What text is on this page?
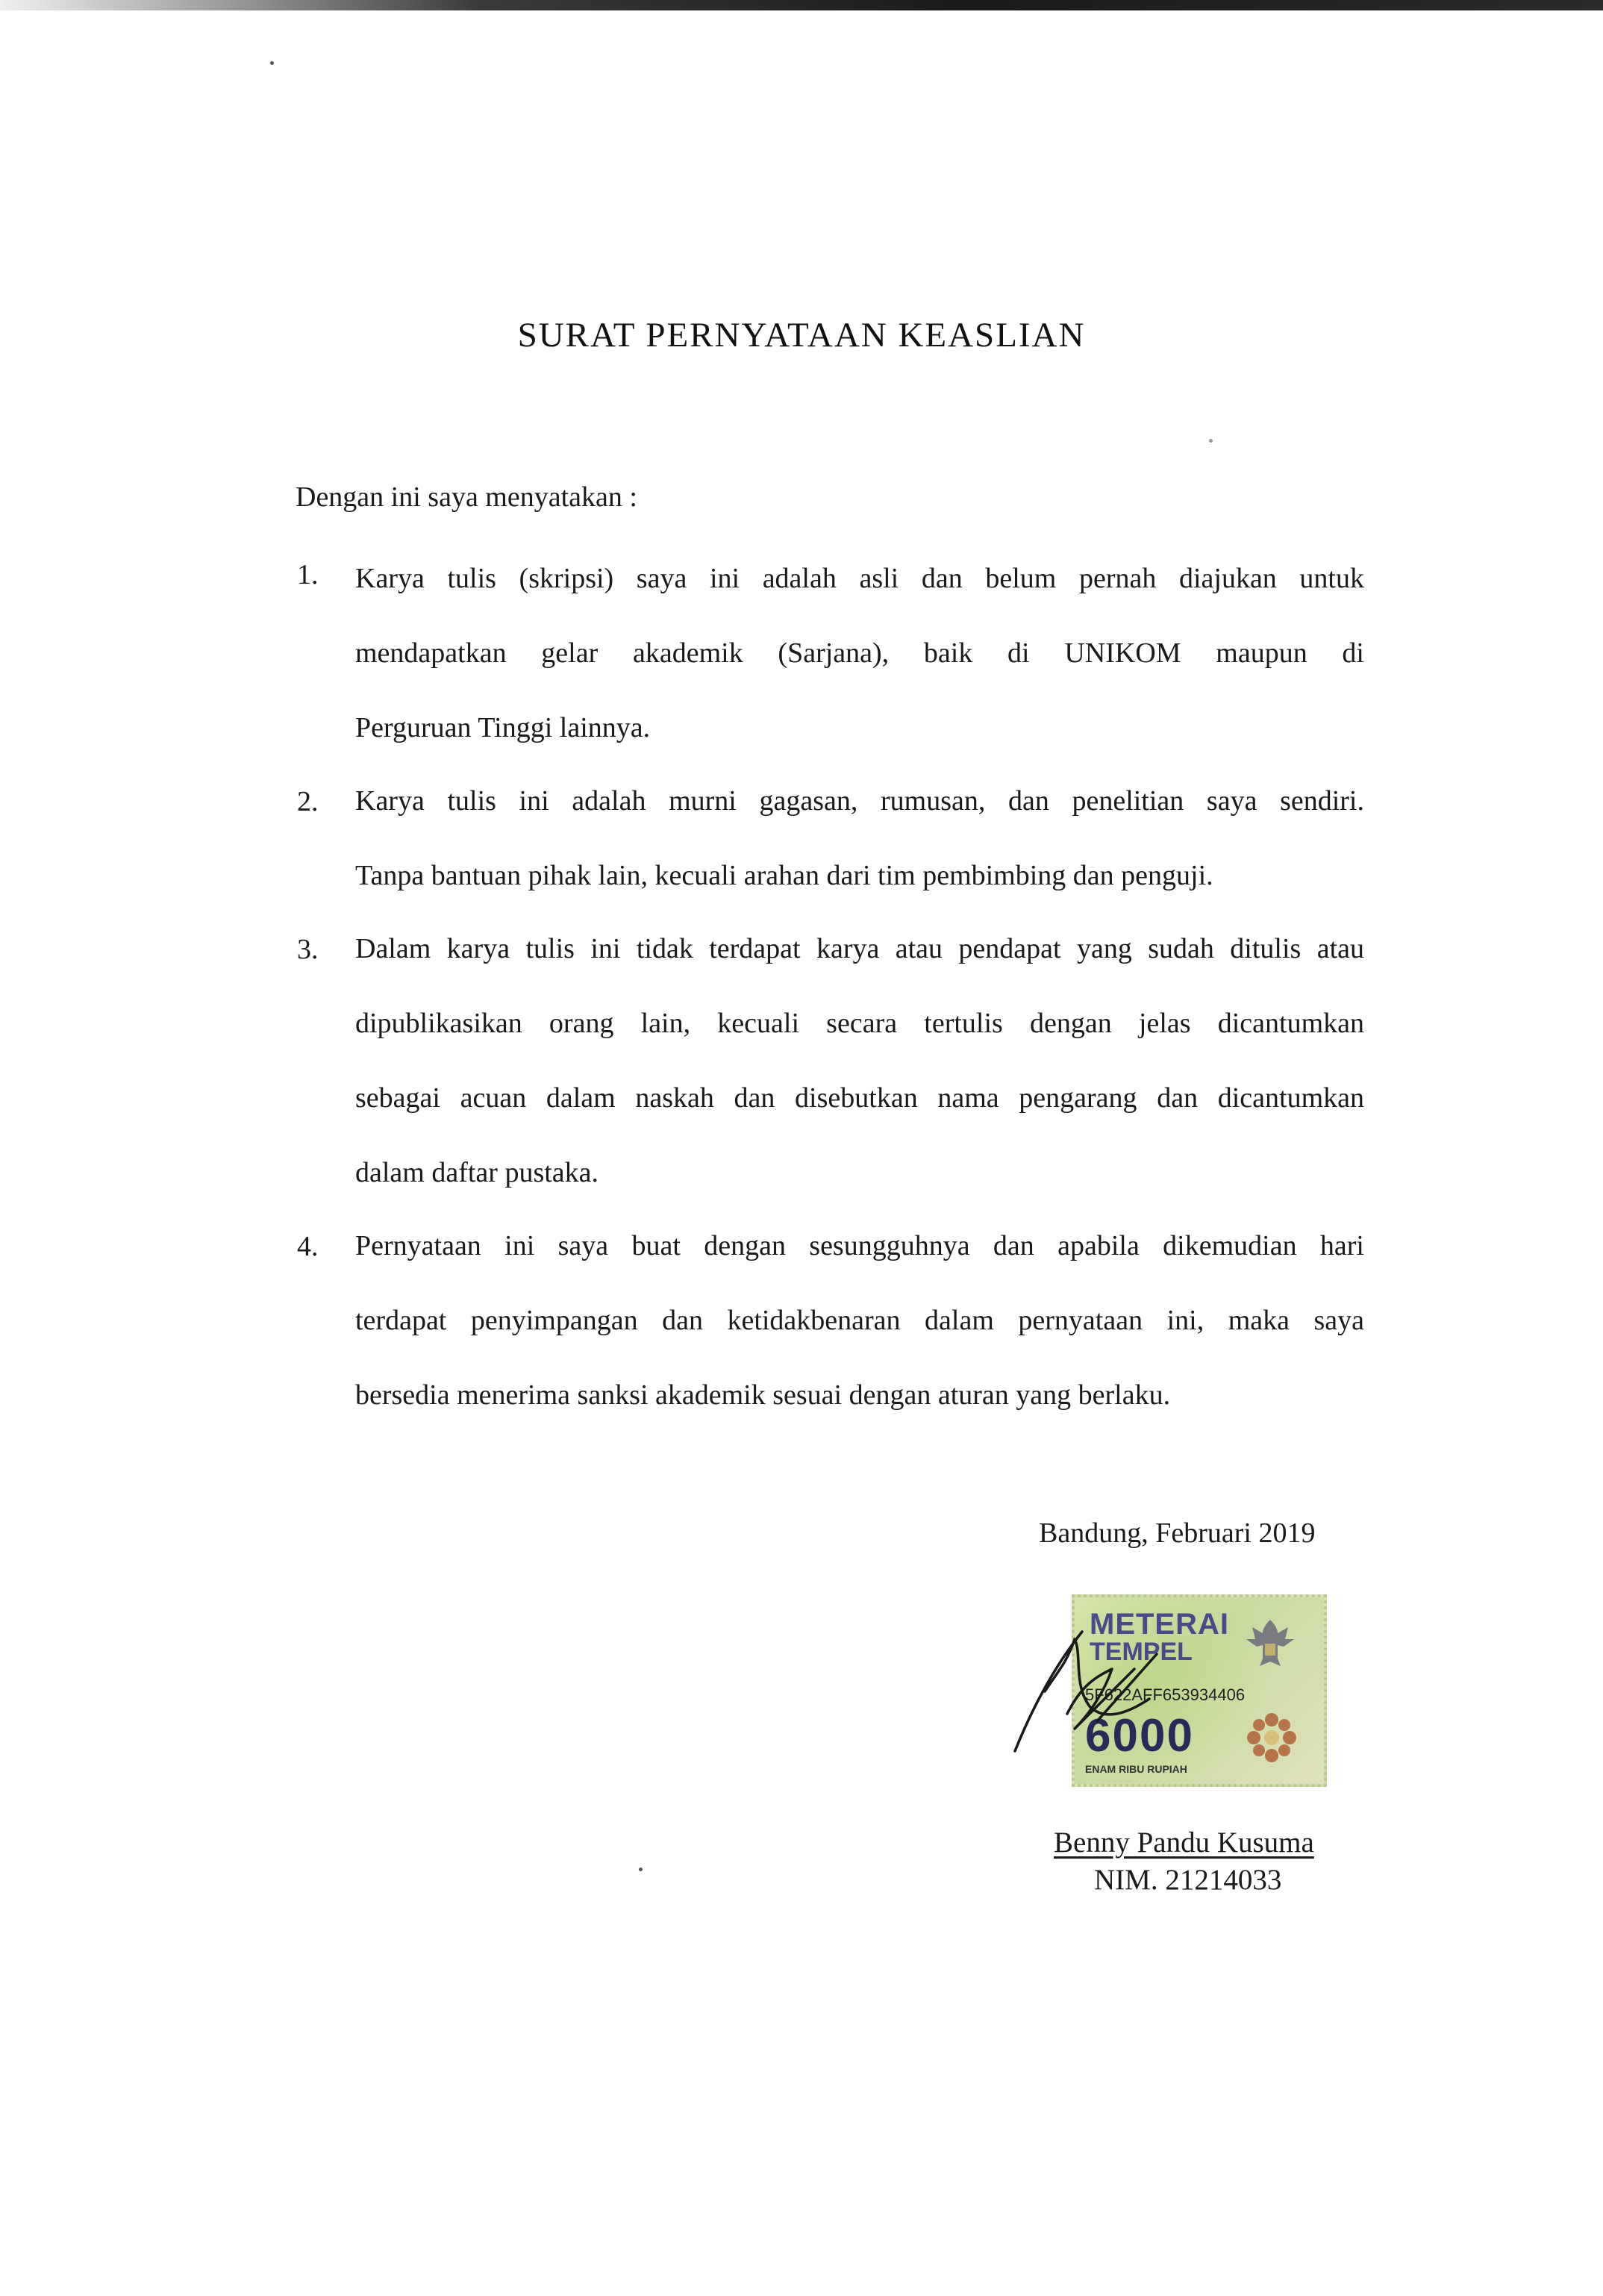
SURAT PERNYATAAN KEASLIAN
Dengan ini saya menyatakan :
1. Karya tulis (skripsi) saya ini adalah asli dan belum pernah diajukan untuk
mendapatkan gelar akademik (Sarjana), baik di UNIKOM maupun di
Perguruan Tinggi lainnya.
2. Karya tulis ini adalah murni gagasan, rumusan, dan penelitian saya sendiri.
Tanpa bantuan pihak lain, kecuali arahan dari tim pembimbing dan penguji.
3. Dalam karya tulis ini tidak terdapat karya atau pendapat yang sudah ditulis atau
dipublikasikan orang lain, kecuali secara tertulis dengan jelas dicantumkan
sebagai acuan dalam naskah dan disebutkan nama pengarang dan dicantumkan
dalam daftar pustaka.
4. Pernyataan ini saya buat dengan sesungguhnya dan apabila dikemudian hari
terdapat penyimpangan dan ketidakbenaran dalam pernyataan ini, maka saya
bersedia menerima sanksi akademik sesuai dengan aturan yang berlaku.
Bandung, Februari 2019
METERAI
TEMPEL
5F622AFF653934406
6000
ENAM RIBU RUPIAH
Benny Pandu Kusuma
NIM. 21214033
